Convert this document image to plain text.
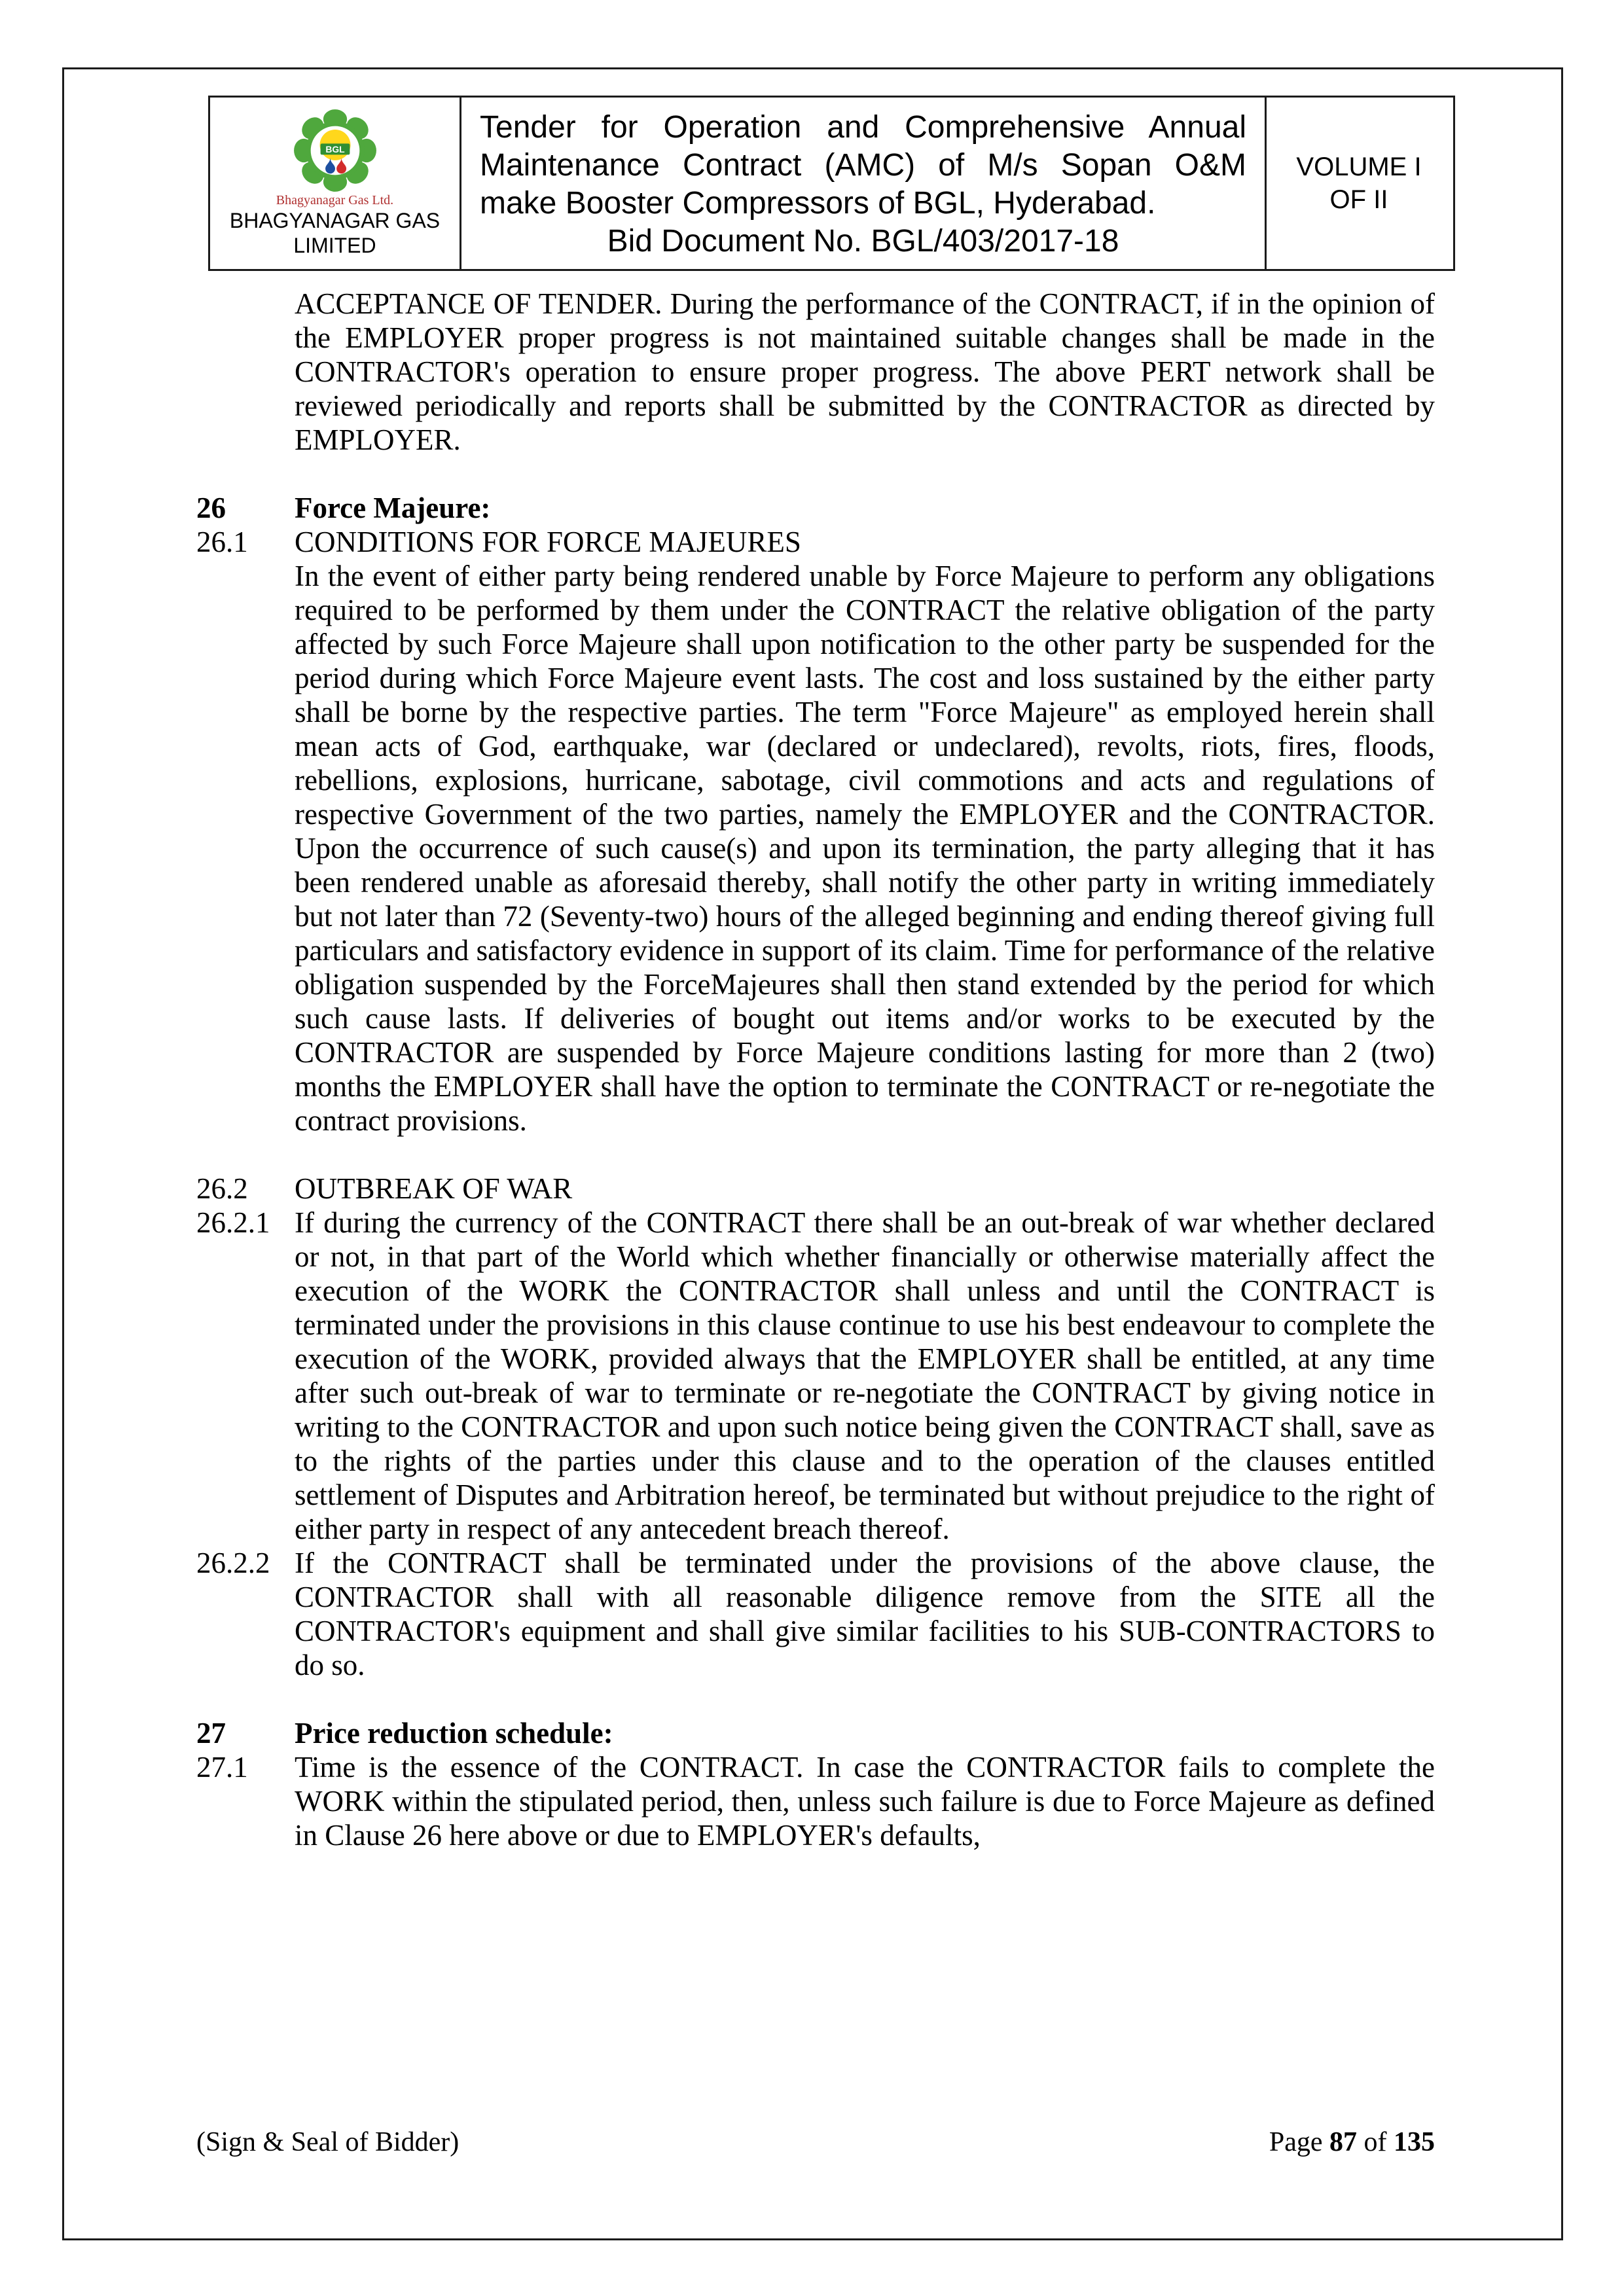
BGL
Bhagyanagar Gas Ltd.
BHAGYANAGAR GAS
LIMITED
Tender for Operation and Comprehensive Annual
Maintenance Contract (AMC) of M/s Sopan O&M
make Booster Compressors of BGL, Hyderabad.
Bid Document No. BGL/403/2017-18
VOLUME I
OF II

ACCEPTANCE OF TENDER. During the performance of the CONTRACT, if in the opinion of the EMPLOYER proper progress is not maintained suitable changes shall be made in the CONTRACTOR's operation to ensure proper progress. The above PERT network shall be reviewed periodically and reports shall be submitted by the CONTRACTOR as directed by EMPLOYER.

26 Force Majeure:
26.1 CONDITIONS FOR FORCE MAJEURES

In the event of either party being rendered unable by Force Majeure to perform any obligations required to be performed by them under the CONTRACT the relative obligation of the party affected by such Force Majeure shall upon notification to the other party be suspended for the period during which Force Majeure event lasts. The cost and loss sustained by the either party shall be borne by the respective parties. The term "Force Majeure" as employed herein shall mean acts of God, earthquake, war (declared or undeclared), revolts, riots, fires, floods, rebellions, explosions, hurricane, sabotage, civil commotions and acts and regulations of respective Government of the two parties, namely the EMPLOYER and the CONTRACTOR. Upon the occurrence of such cause(s) and upon its termination, the party alleging that it has been rendered unable as aforesaid thereby, shall notify the other party in writing immediately but not later than 72 (Seventy-two) hours of the alleged beginning and ending thereof giving full particulars and satisfactory evidence in support of its claim. Time for performance of the relative obligation suspended by the ForceMajeures shall then stand extended by the period for which such cause lasts. If deliveries of bought out items and/or works to be executed by the CONTRACTOR are suspended by Force Majeure conditions lasting for more than 2 (two) months the EMPLOYER shall have the option to terminate the CONTRACT or re-negotiate the contract provisions.

26.2 OUTBREAK OF WAR
26.2.1 If during the currency of the CONTRACT there shall be an out-break of war whether declared or not, in that part of the World which whether financially or otherwise materially affect the execution of the WORK the CONTRACTOR shall unless and until the CONTRACT is terminated under the provisions in this clause continue to use his best endeavour to complete the execution of the WORK, provided always that the EMPLOYER shall be entitled, at any time after such out-break of war to terminate or re-negotiate the CONTRACT by giving notice in writing to the CONTRACTOR and upon such notice being given the CONTRACT shall, save as to the rights of the parties under this clause and to the operation of the clauses entitled settlement of Disputes and Arbitration hereof, be terminated but without prejudice to the right of either party in respect of any antecedent breach thereof.

26.2.2 If the CONTRACT shall be terminated under the provisions of the above clause, the CONTRACTOR shall with all reasonable diligence remove from the SITE all the CONTRACTOR's equipment and shall give similar facilities to his SUB-CONTRACTORS to do so.

27 Price reduction schedule:
27.1 Time is the essence of the CONTRACT. In case the CONTRACTOR fails to complete the WORK within the stipulated period, then, unless such failure is due to Force Majeure as defined in Clause 26 here above or due to EMPLOYER's defaults,

(Sign & Seal of Bidder)	Page 87 of 135
